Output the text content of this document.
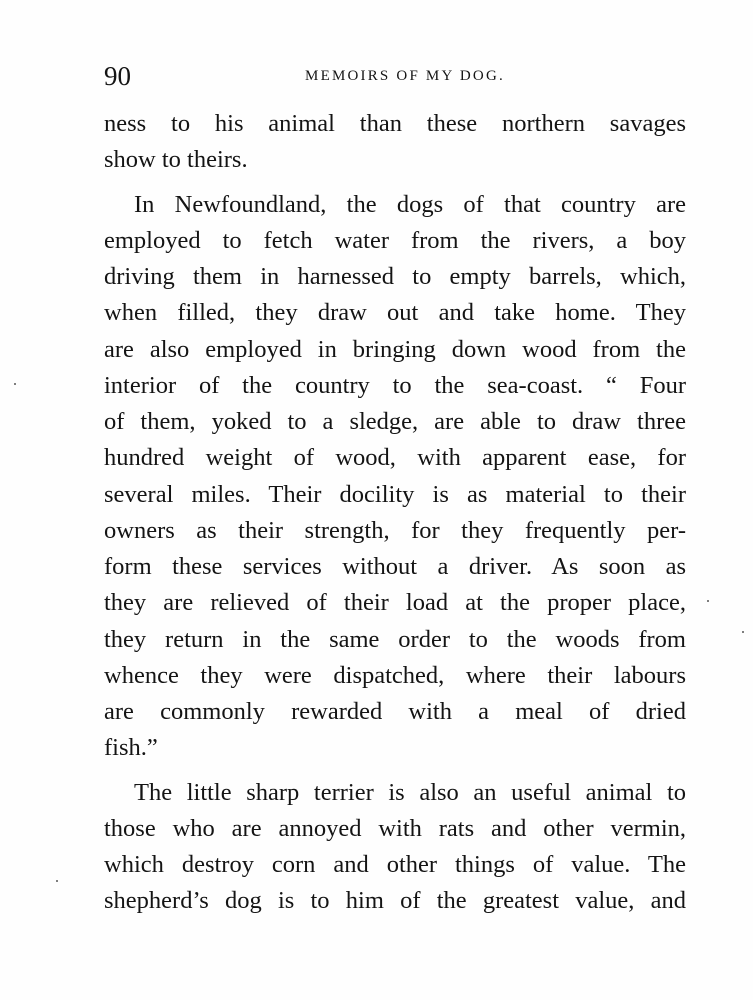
90	MEMOIRS OF MY DOG.
ness to his animal than these northern savages
show to theirs.
In Newfoundland, the dogs of that country are
employed to fetch water from the rivers, a boy
driving them in harnessed to empty barrels, which,
when filled, they draw out and take home. They
are also employed in bringing down wood from the
interior of the country to the sea-coast. “ Four
of them, yoked to a sledge, are able to draw three
hundred weight of wood, with apparent ease, for
several miles. Their docility is as material to their
owners as their strength, for they frequently per-
form these services without a driver. As soon as
they are relieved of their load at the proper place,
they return in the same order to the woods from
whence they were dispatched, where their labours
are commonly rewarded with a meal of dried
fish.”
The little sharp terrier is also an useful animal to
those who are annoyed with rats and other vermin,
which destroy corn and other things of value. The
shepherd’s dog is to him of the greatest value, and
